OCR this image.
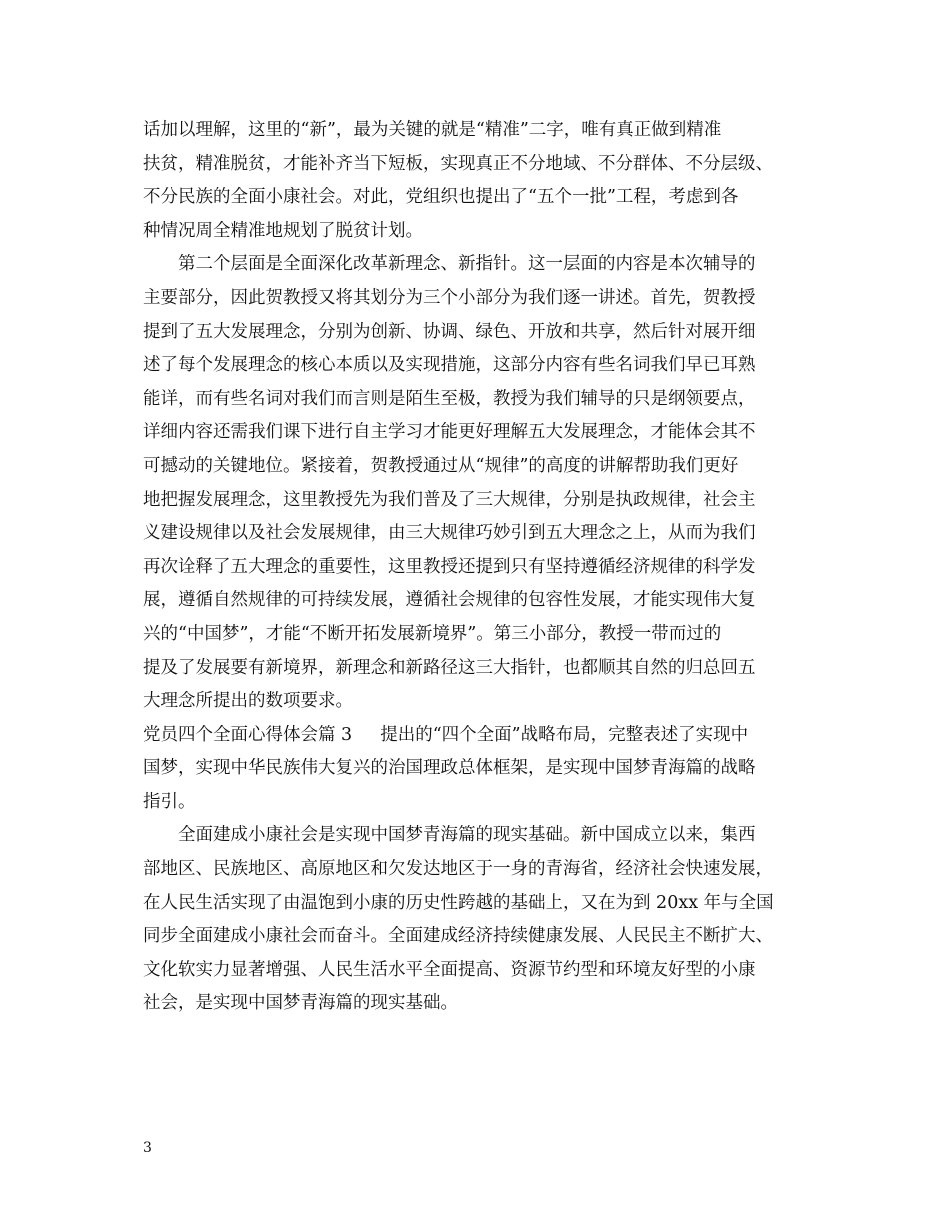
话加以理解，这里的“新”，最为关键的就是“精准”二字，唯有真正做到精准
扶贫，精准脱贫，才能补齐当下短板，实现真正不分地域、不分群体、不分层级、
不分民族的全面小康社会。对此，党组织也提出了“五个一批”工程，考虑到各
种情况周全精准地规划了脱贫计划。
第二个层面是全面深化改革新理念、新指针。这一层面的内容是本次辅导的
主要部分，因此贺教授又将其划分为三个小部分为我们逐一讲述。首先，贺教授
提到了五大发展理念，分别为创新、协调、绿色、开放和共享，然后针对展开细
述了每个发展理念的核心本质以及实现措施，这部分内容有些名词我们早已耳熟
能详，而有些名词对我们而言则是陌生至极，教授为我们辅导的只是纲领要点，
详细内容还需我们课下进行自主学习才能更好理解五大发展理念，才能体会其不
可撼动的关键地位。紧接着，贺教授通过从“规律”的高度的讲解帮助我们更好
地把握发展理念，这里教授先为我们普及了三大规律，分别是执政规律，社会主
义建设规律以及社会发展规律，由三大规律巧妙引到五大理念之上，从而为我们
再次诠释了五大理念的重要性，这里教授还提到只有坚持遵循经济规律的科学发
展，遵循自然规律的可持续发展，遵循社会规律的包容性发展，才能实现伟大复
兴的“中国梦”，才能“不断开拓发展新境界”。第三小部分，教授一带而过的
提及了发展要有新境界，新理念和新路径这三大指针，也都顺其自然的归总回五
大理念所提出的数项要求。
党员四个全面心得体会篇 3 提出的“四个全面”战略布局，完整表述了实现中
国梦，实现中华民族伟大复兴的治国理政总体框架，是实现中国梦青海篇的战略
指引。
全面建成小康社会是实现中国梦青海篇的现实基础。新中国成立以来，集西
部地区、民族地区、高原地区和欠发达地区于一身的青海省，经济社会快速发展，
在人民生活实现了由温饱到小康的历史性跨越的基础上，又在为到 20xx 年与全国
同步全面建成小康社会而奋斗。全面建成经济持续健康发展、人民民主不断扩大、
文化软实力显著增强、人民生活水平全面提高、资源节约型和环境友好型的小康
社会，是实现中国梦青海篇的现实基础。
3
